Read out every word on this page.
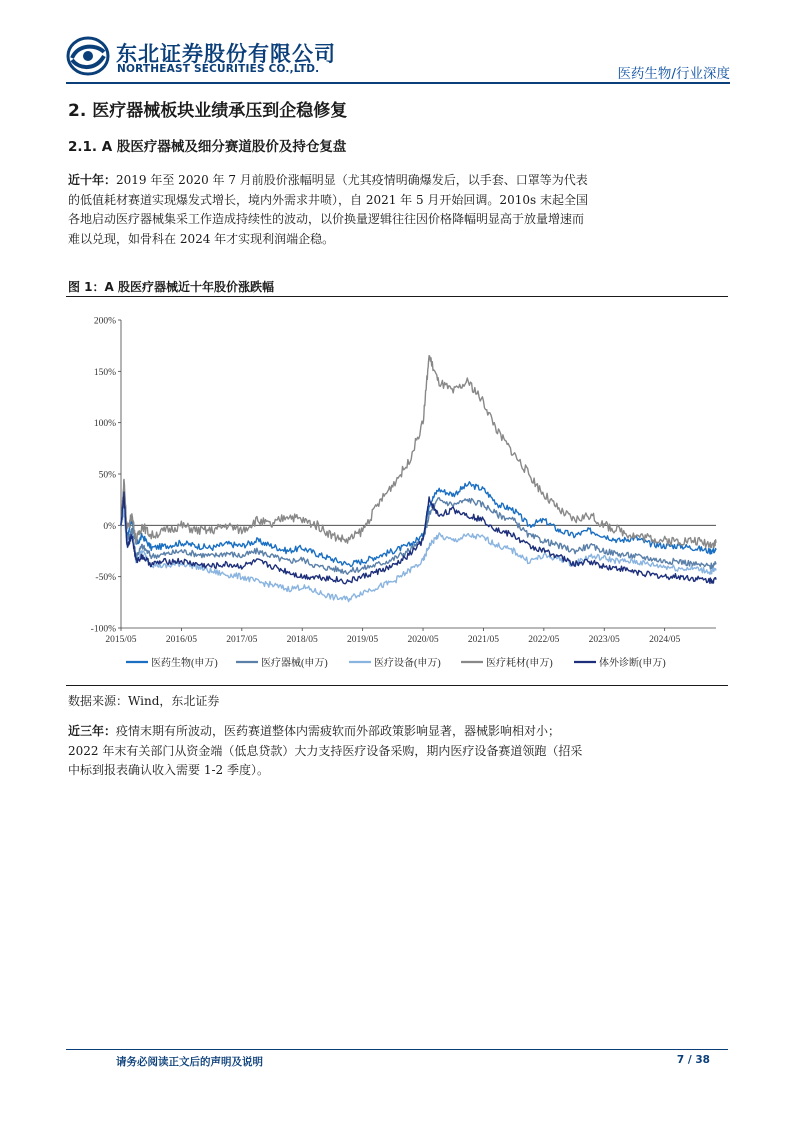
东北证券股份有限公司
NORTHEAST SECURITIES CO.,LTD.	医药生物/行业深度
2. 医疗器械板块业绩承压到企稳修复
2.1. A 股医疗器械及细分赛道股价及持仓复盘
近十年：2019 年至 2020 年 7 月前股价涨幅明显（尤其疫情明确爆发后，以手套、口罩等为代表的低值耗材赛道实现爆发式增长，境内外需求井喷），自 2021 年 5 月开始回调。2010s 末起全国各地启动医疗器械集采工作造成持续性的波动，以价换量逻辑往往因价格降幅明显高于放量增速而难以兑现，如骨科在 2024 年才实现利润端企稳。
图 1：A 股医疗器械近十年股价涨跌幅
200%
150%
100%
50%
0%
-50%
-100%
2015/05	2016/05	2017/05	2018/05	2019/05	2020/05	2021/05	2022/05	2023/05	2024/05
医药生物(申万)	医疗器械(申万)	医疗设备(申万)	医疗耗材(申万)	体外诊断(申万)
数据来源：Wind，东北证券
近三年：疫情末期有所波动，医药赛道整体内需疲软而外部政策影响显著，器械影响相对小；2022 年末有关部门从资金端（低息贷款）大力支持医疗设备采购，期内医疗设备赛道领跑（招采中标到报表确认收入需要 1-2 季度）。
请务必阅读正文后的声明及说明	7 / 38
